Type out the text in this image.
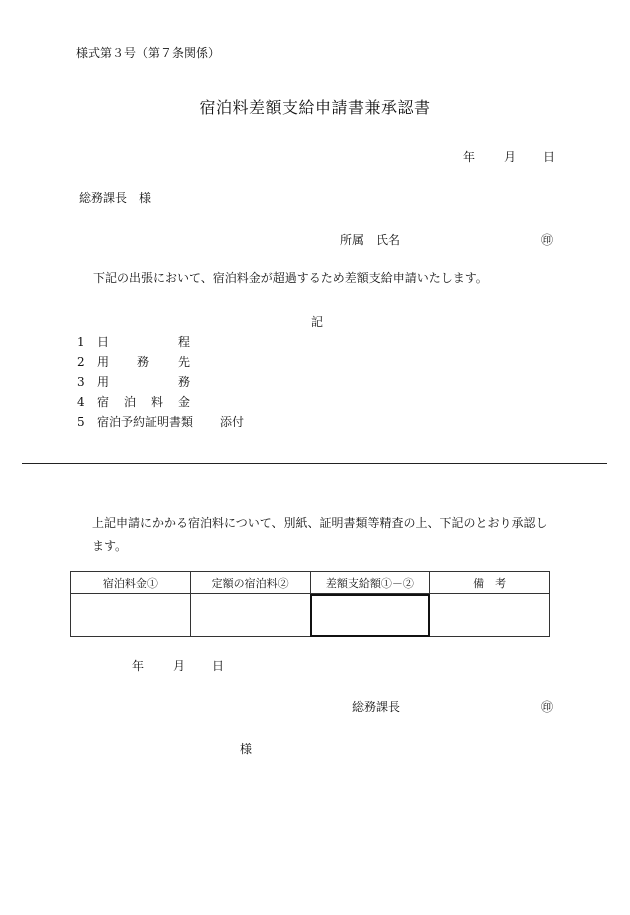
様式第３号（第７条関係）
宿泊料差額支給申請書兼承認書
年 月 日
総務課長　様
所属　氏名	㊞
下記の出張において、宿泊料金が超過するため差額支給申請いたします。
記
1 日	程
2 用 務 先
3 用	務
4 宿 泊 料 金
5 宿泊予約証明書類 添付
上記申請にかかる宿泊料について、別紙、証明書類等精査の上、下記のとおり承認します。
宿泊料金①	定額の宿泊料②	差額支給額①－②	備　考

年 月 日
総務課長	㊞
様
